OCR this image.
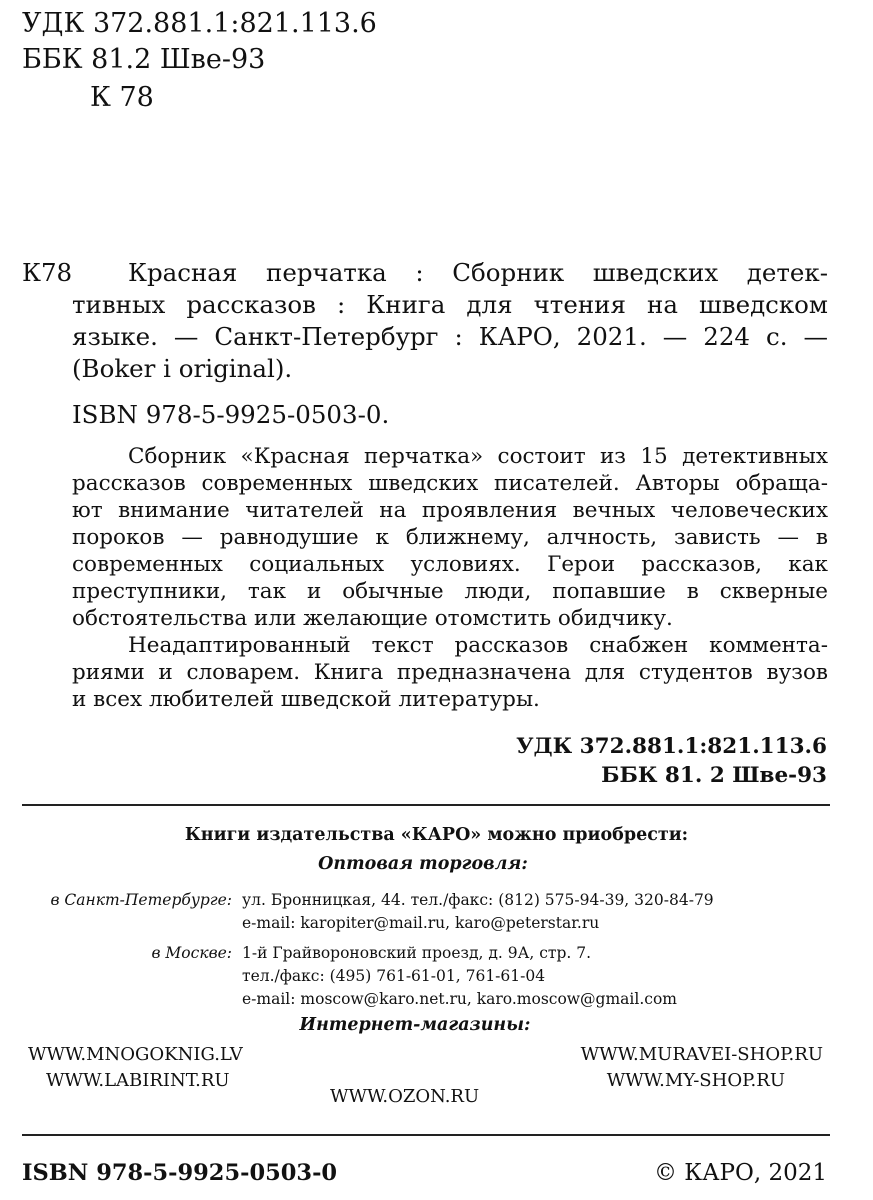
УДК 372.881.1:821.113.6
ББК 81.2 Шве-93
К 78
К78 Красная перчатка : Сборник шведских детек-
тивных рассказов : Книга для чтения на шведском
языке. — Санкт-Петербург : КАРО, 2021. — 224 с. —
(Boker i original).
ISBN 978-5-9925-0503-0.
Сборник «Красная перчатка» состоит из 15 детективных
рассказов современных шведских писателей. Авторы обраща-
ют внимание читателей на проявления вечных человеческих
пороков — равнодушие к ближнему, алчность, зависть — в
современных социальных условиях. Герои рассказов, как
преступники, так и обычные люди, попавшие в скверные
обстоятельства или желающие отомстить обидчику.
Неадаптированный текст рассказов снабжен коммента-
риями и словарем. Книга предназначена для студентов вузов
и всех любителей шведской литературы.
УДК 372.881.1:821.113.6
ББК 81. 2 Шве-93
Книги издательства «КАРО» можно приобрести:
Оптовая торговля:
в Санкт-Петербурге: ул. Бронницкая, 44. тел./факс: (812) 575-94-39, 320-84-79
e-mail: karopiter@mail.ru, karo@peterstar.ru
в Москве: 1-й Грайвороновский проезд, д. 9А, стр. 7.
тел./факс: (495) 761-61-01, 761-61-04
e-mail: moscow@karo.net.ru, karo.moscow@gmail.com
Интернет-магазины:
WWW.MNOGOKNIG.LV
WWW.LABIRINT.RU
WWW.OZON.RU
WWW.MURAVEI-SHOP.RU
WWW.MY-SHOP.RU
ISBN 978-5-9925-0503-0	© КАРО, 2021
